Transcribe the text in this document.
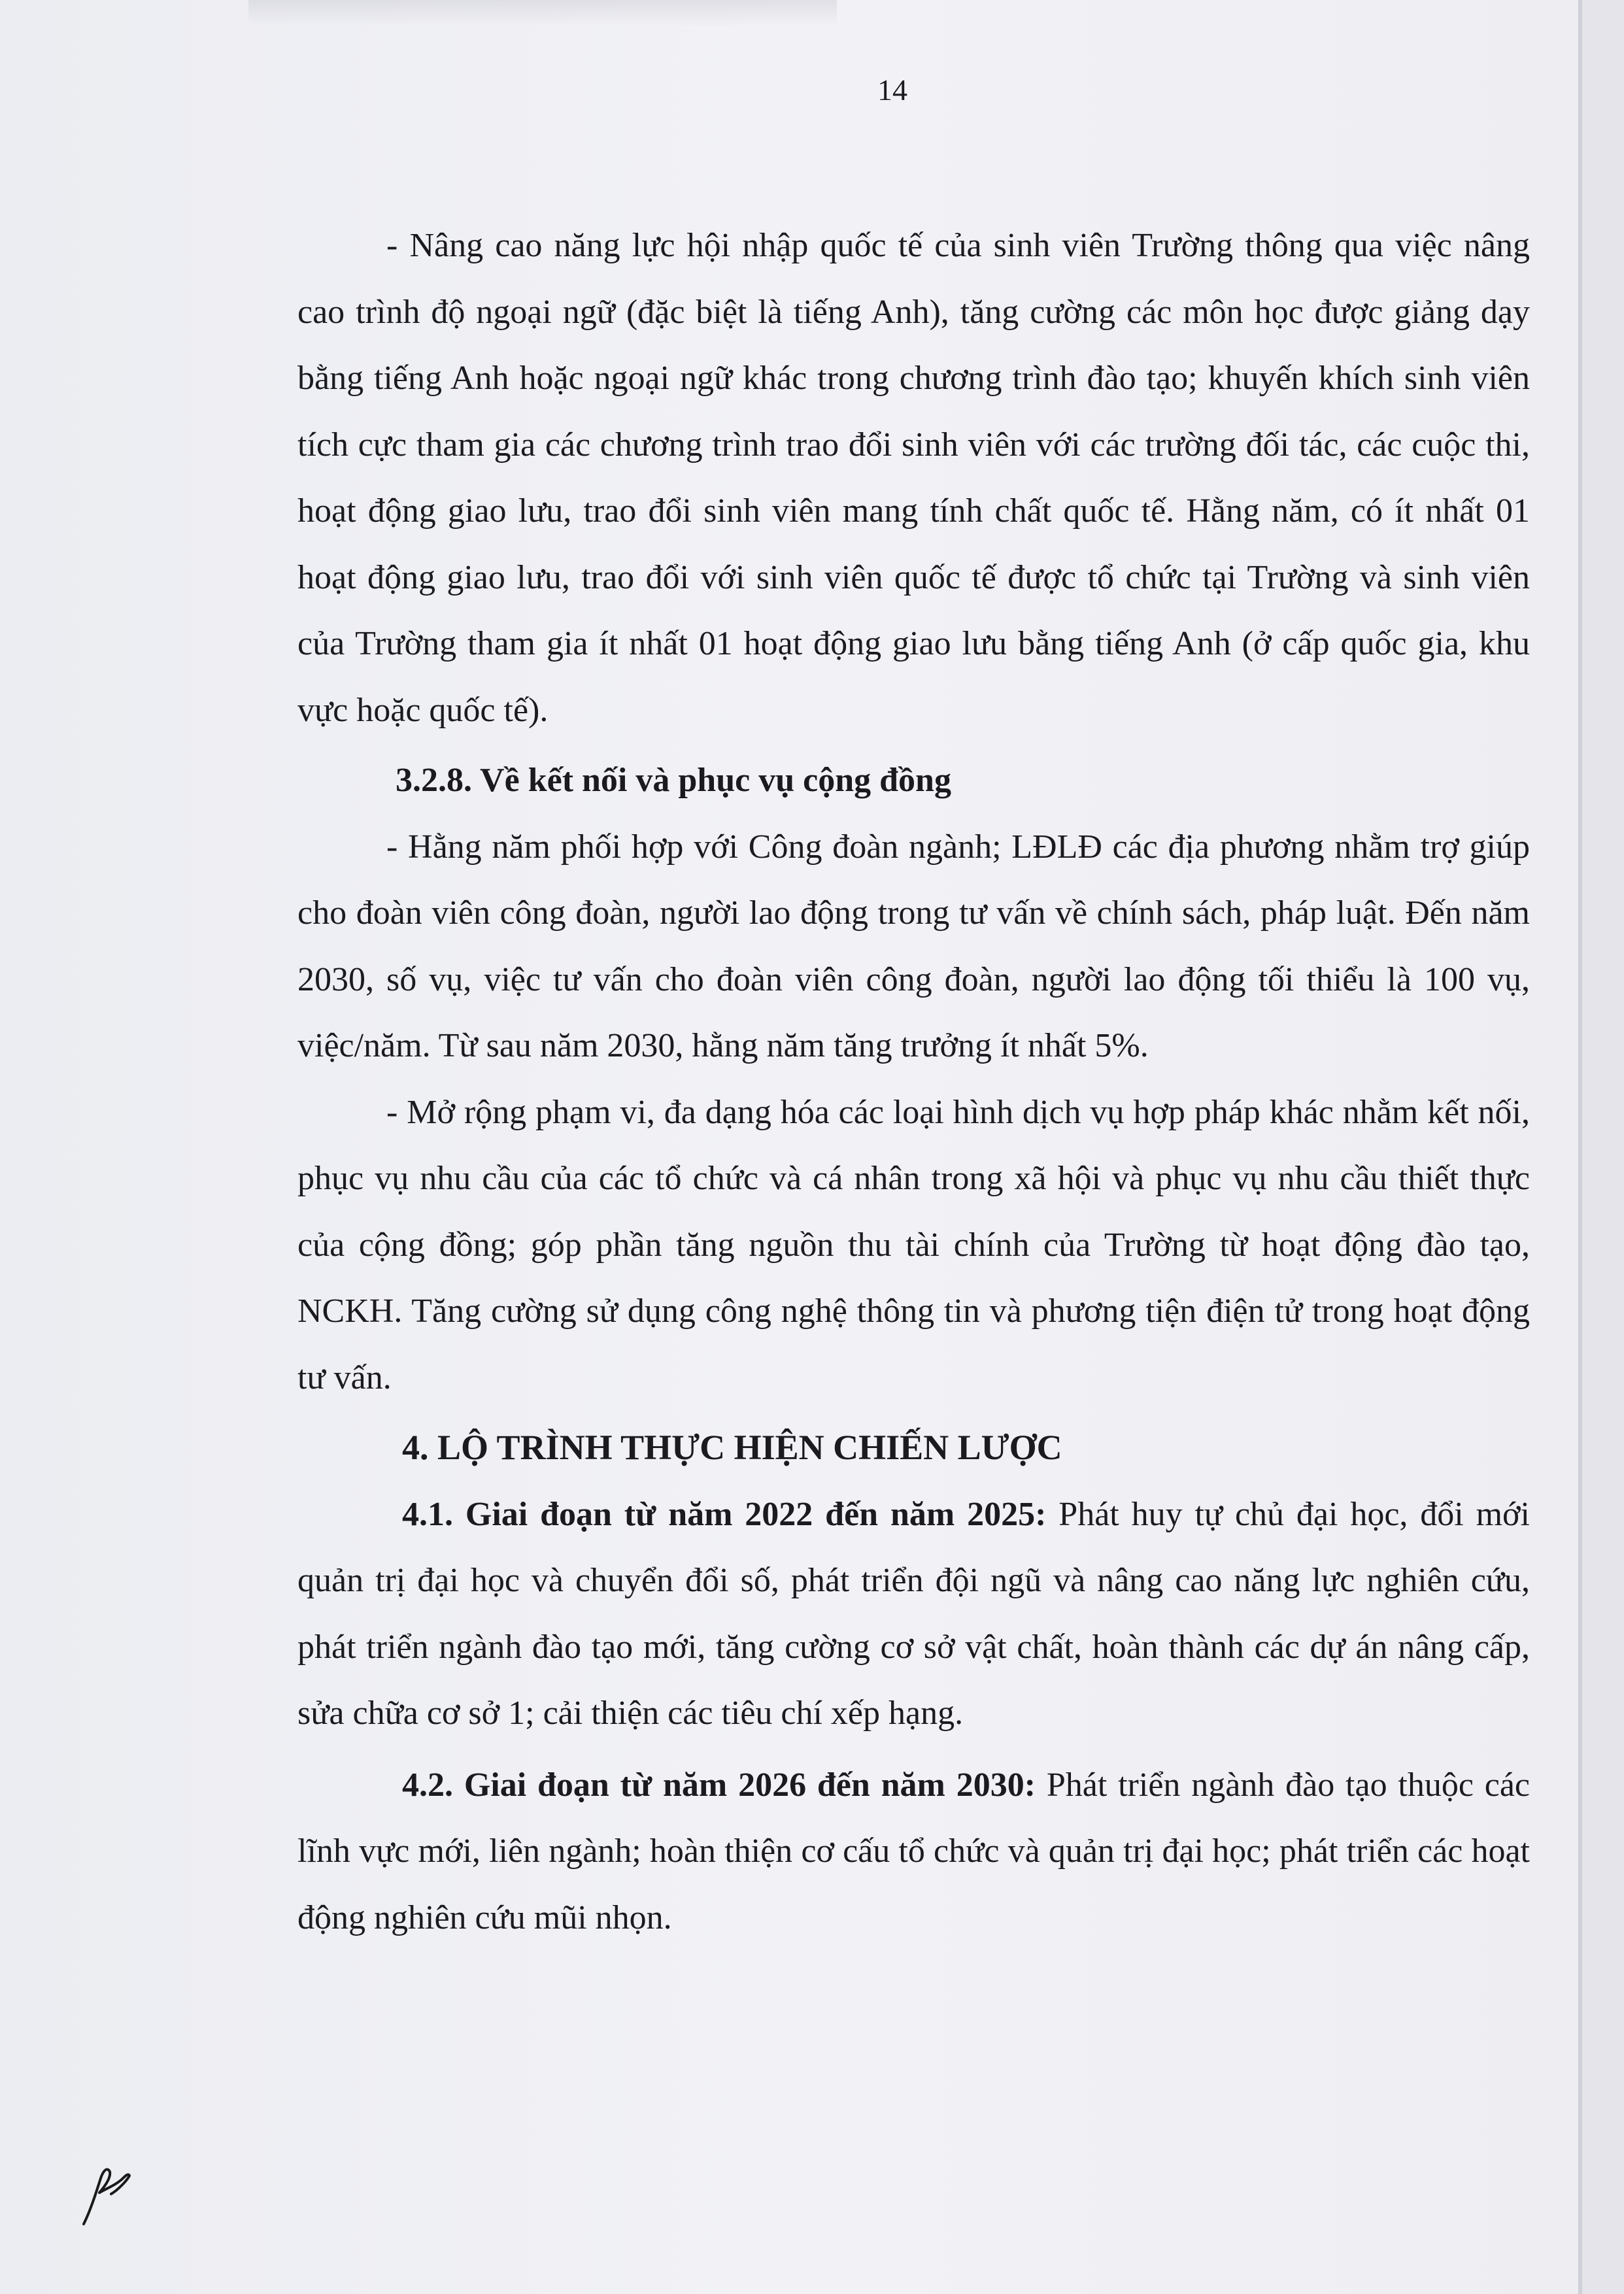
14

- Nâng cao năng lực hội nhập quốc tế của sinh viên Trường thông qua việc nâng cao trình độ ngoại ngữ (đặc biệt là tiếng Anh), tăng cường các môn học được giảng dạy bằng tiếng Anh hoặc ngoại ngữ khác trong chương trình đào tạo; khuyến khích sinh viên tích cực tham gia các chương trình trao đổi sinh viên với các trường đối tác, các cuộc thi, hoạt động giao lưu, trao đổi sinh viên mang tính chất quốc tế. Hằng năm, có ít nhất 01 hoạt động giao lưu, trao đổi với sinh viên quốc tế được tổ chức tại Trường và sinh viên của Trường tham gia ít nhất 01 hoạt động giao lưu bằng tiếng Anh (ở cấp quốc gia, khu vực hoặc quốc tế).

3.2.8. Về kết nối và phục vụ cộng đồng

- Hằng năm phối hợp với Công đoàn ngành; LĐLĐ các địa phương nhằm trợ giúp cho đoàn viên công đoàn, người lao động trong tư vấn về chính sách, pháp luật. Đến năm 2030, số vụ, việc tư vấn cho đoàn viên công đoàn, người lao động tối thiểu là 100 vụ, việc/năm. Từ sau năm 2030, hằng năm tăng trưởng ít nhất 5%.

- Mở rộng phạm vi, đa dạng hóa các loại hình dịch vụ hợp pháp khác nhằm kết nối, phục vụ nhu cầu của các tổ chức và cá nhân trong xã hội và phục vụ nhu cầu thiết thực của cộng đồng; góp phần tăng nguồn thu tài chính của Trường từ hoạt động đào tạo, NCKH. Tăng cường sử dụng công nghệ thông tin và phương tiện điện tử trong hoạt động tư vấn.

4. LỘ TRÌNH THỰC HIỆN CHIẾN LƯỢC

4.1. Giai đoạn từ năm 2022 đến năm 2025: Phát huy tự chủ đại học, đổi mới quản trị đại học và chuyển đổi số, phát triển đội ngũ và nâng cao năng lực nghiên cứu, phát triển ngành đào tạo mới, tăng cường cơ sở vật chất, hoàn thành các dự án nâng cấp, sửa chữa cơ sở 1; cải thiện các tiêu chí xếp hạng.

4.2. Giai đoạn từ năm 2026 đến năm 2030: Phát triển ngành đào tạo thuộc các lĩnh vực mới, liên ngành; hoàn thiện cơ cấu tổ chức và quản trị đại học; phát triển các hoạt động nghiên cứu mũi nhọn.
